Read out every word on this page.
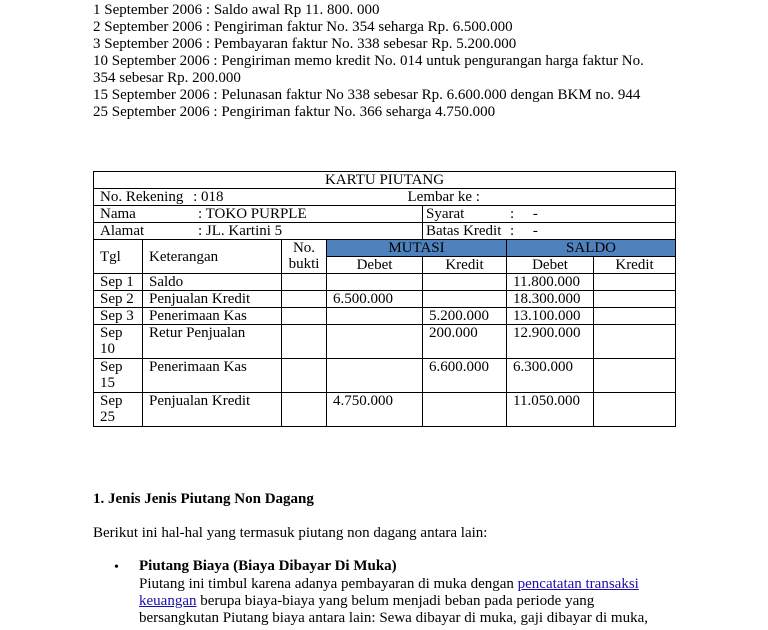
1 September 2006 : Saldo awal Rp 11. 800. 000
2 September 2006 : Pengiriman faktur No. 354 seharga Rp. 6.500.000
3 September 2006 : Pembayaran faktur No. 338 sebesar Rp. 5.200.000
10 September 2006 : Pengiriman memo kredit No. 014 untuk pengurangan harga faktur No. 354 sebesar Rp. 200.000
15 September 2006 : Pelunasan faktur No 338 sebesar Rp. 6.600.000 dengan BKM no. 944
25 September 2006 : Pengiriman faktur No. 366 seharga 4.750.000
KARTU PIUTANG						
No. Rekening : 018				Lembar ke :		
Nama : TOKO PURPLE				Syarat :     -		
Alamat : JL. Kartini 5				Batas Kredit :     -		
Tgl	Keterangan	No.
bukti	MUTASI		SALDO	
			Debet	Kredit	Debet	Kredit
Sep 1	Saldo				11.800.000	
Sep 2	Penjualan Kredit		6.500.000		18.300.000	
Sep 3	Penerimaan Kas			5.200.000	13.100.000	
Sep 10	Retur Penjualan			200.000	12.900.000	
Sep 15	Penerimaan Kas			6.600.000	6.300.000	
Sep 25	Penjualan Kredit		4.750.000		11.050.000	
1. Jenis Jenis Piutang Non Dagang
Berikut ini hal-hal yang termasuk piutang non dagang antara lain:
• Piutang Biaya (Biaya Dibayar Di Muka)
Piutang ini timbul karena adanya pembayaran di muka dengan pencatatan transaksi
keuangan berupa biaya-biaya yang belum menjadi beban pada periode yang
bersangkutan Piutang biaya antara lain: Sewa dibayar di muka, gaji dibayar di muka,
